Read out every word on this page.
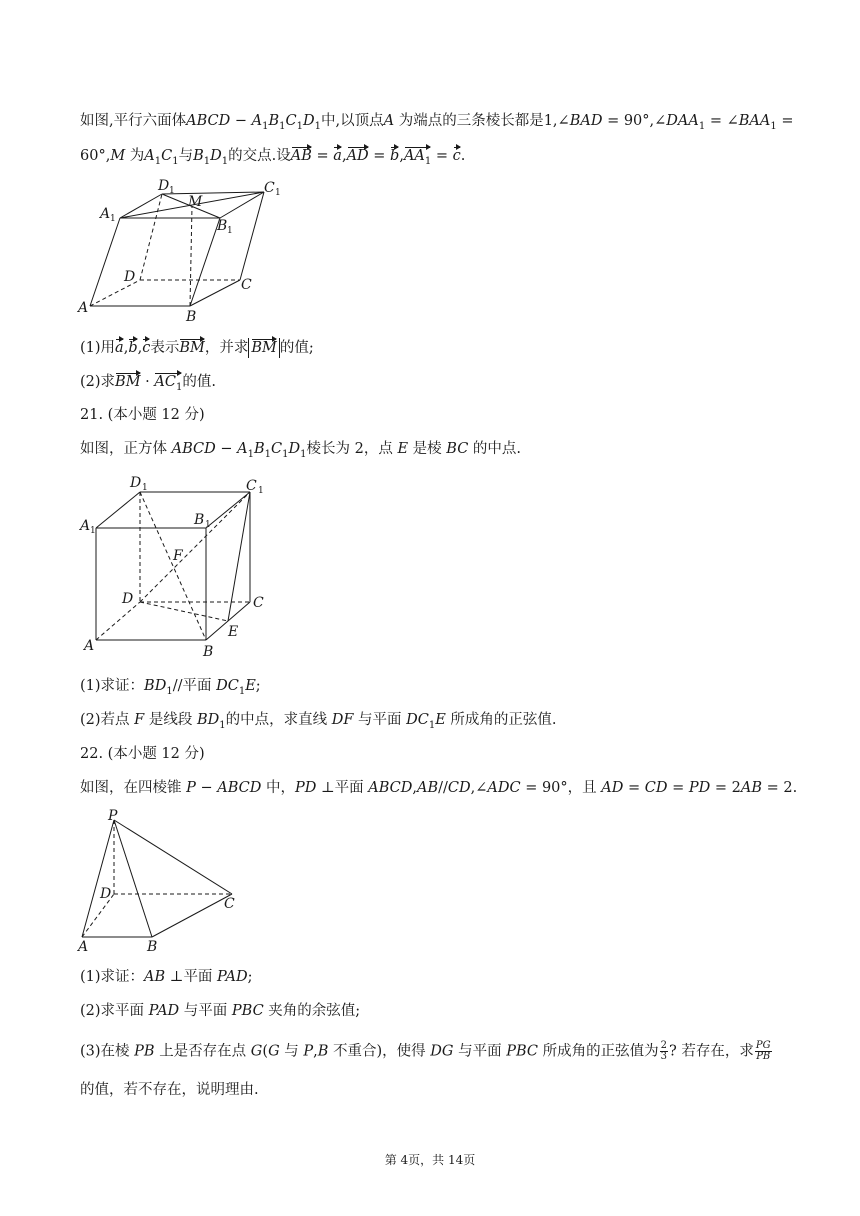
如图,平行六面体ABCD − $A_1B_1C_1D_1$中,以顶点A 为端点的三条棱长都是1,∠BAD = $90^\circ,\angle DAA_1$ = $\angle BAA_1$ =
60°,M 为$A_1C_1$与$B_1D_1$的交点.设AB = $a,AD = b,AA_1 = c$.
D 1
M
C 1
A 1	B 1
D	C
A
B
(1)用a,b,c表示BM，并求 BM 的值;
(2)求BM · $AC_1$的值.
21. (本小题 12 分)
如图，正方体 ABCD − $A_1B_1C_1D_1$棱长为 2，点 E 是棱 BC 的中点.
D 1	C 1
A 1
B 1
F
D	C
E
A	B
(1)求证：$BD_1//$平面 $DC_1E$;
(2)若点 F 是线段 $BD_1$的中点，求直线 DF 与平面 $DC_1E$ 所成角的正弦值.
22. (本小题 12 分)
如图，在四棱锥 P − ABCD 中，PD ⊥平面 ABCD,AB//CD,∠ADC = 90°，且 AD = CD = PD = 2AB = 2.
P
D
C
A	B
(1)求证：AB ⊥平面 PAD;
(2)求平面 PAD 与平面 PBC 夹角的余弦值;
(3)在棱 PB 上是否存在点 G(G 与 P,B 不重合)，使得 DG 与平面 PBC 所成角的正弦值为 $\frac{2}{3}$ ? 若存在，求 $\frac{PG}{PB}$
的值，若不存在，说明理由.
第 4页，共 14页
